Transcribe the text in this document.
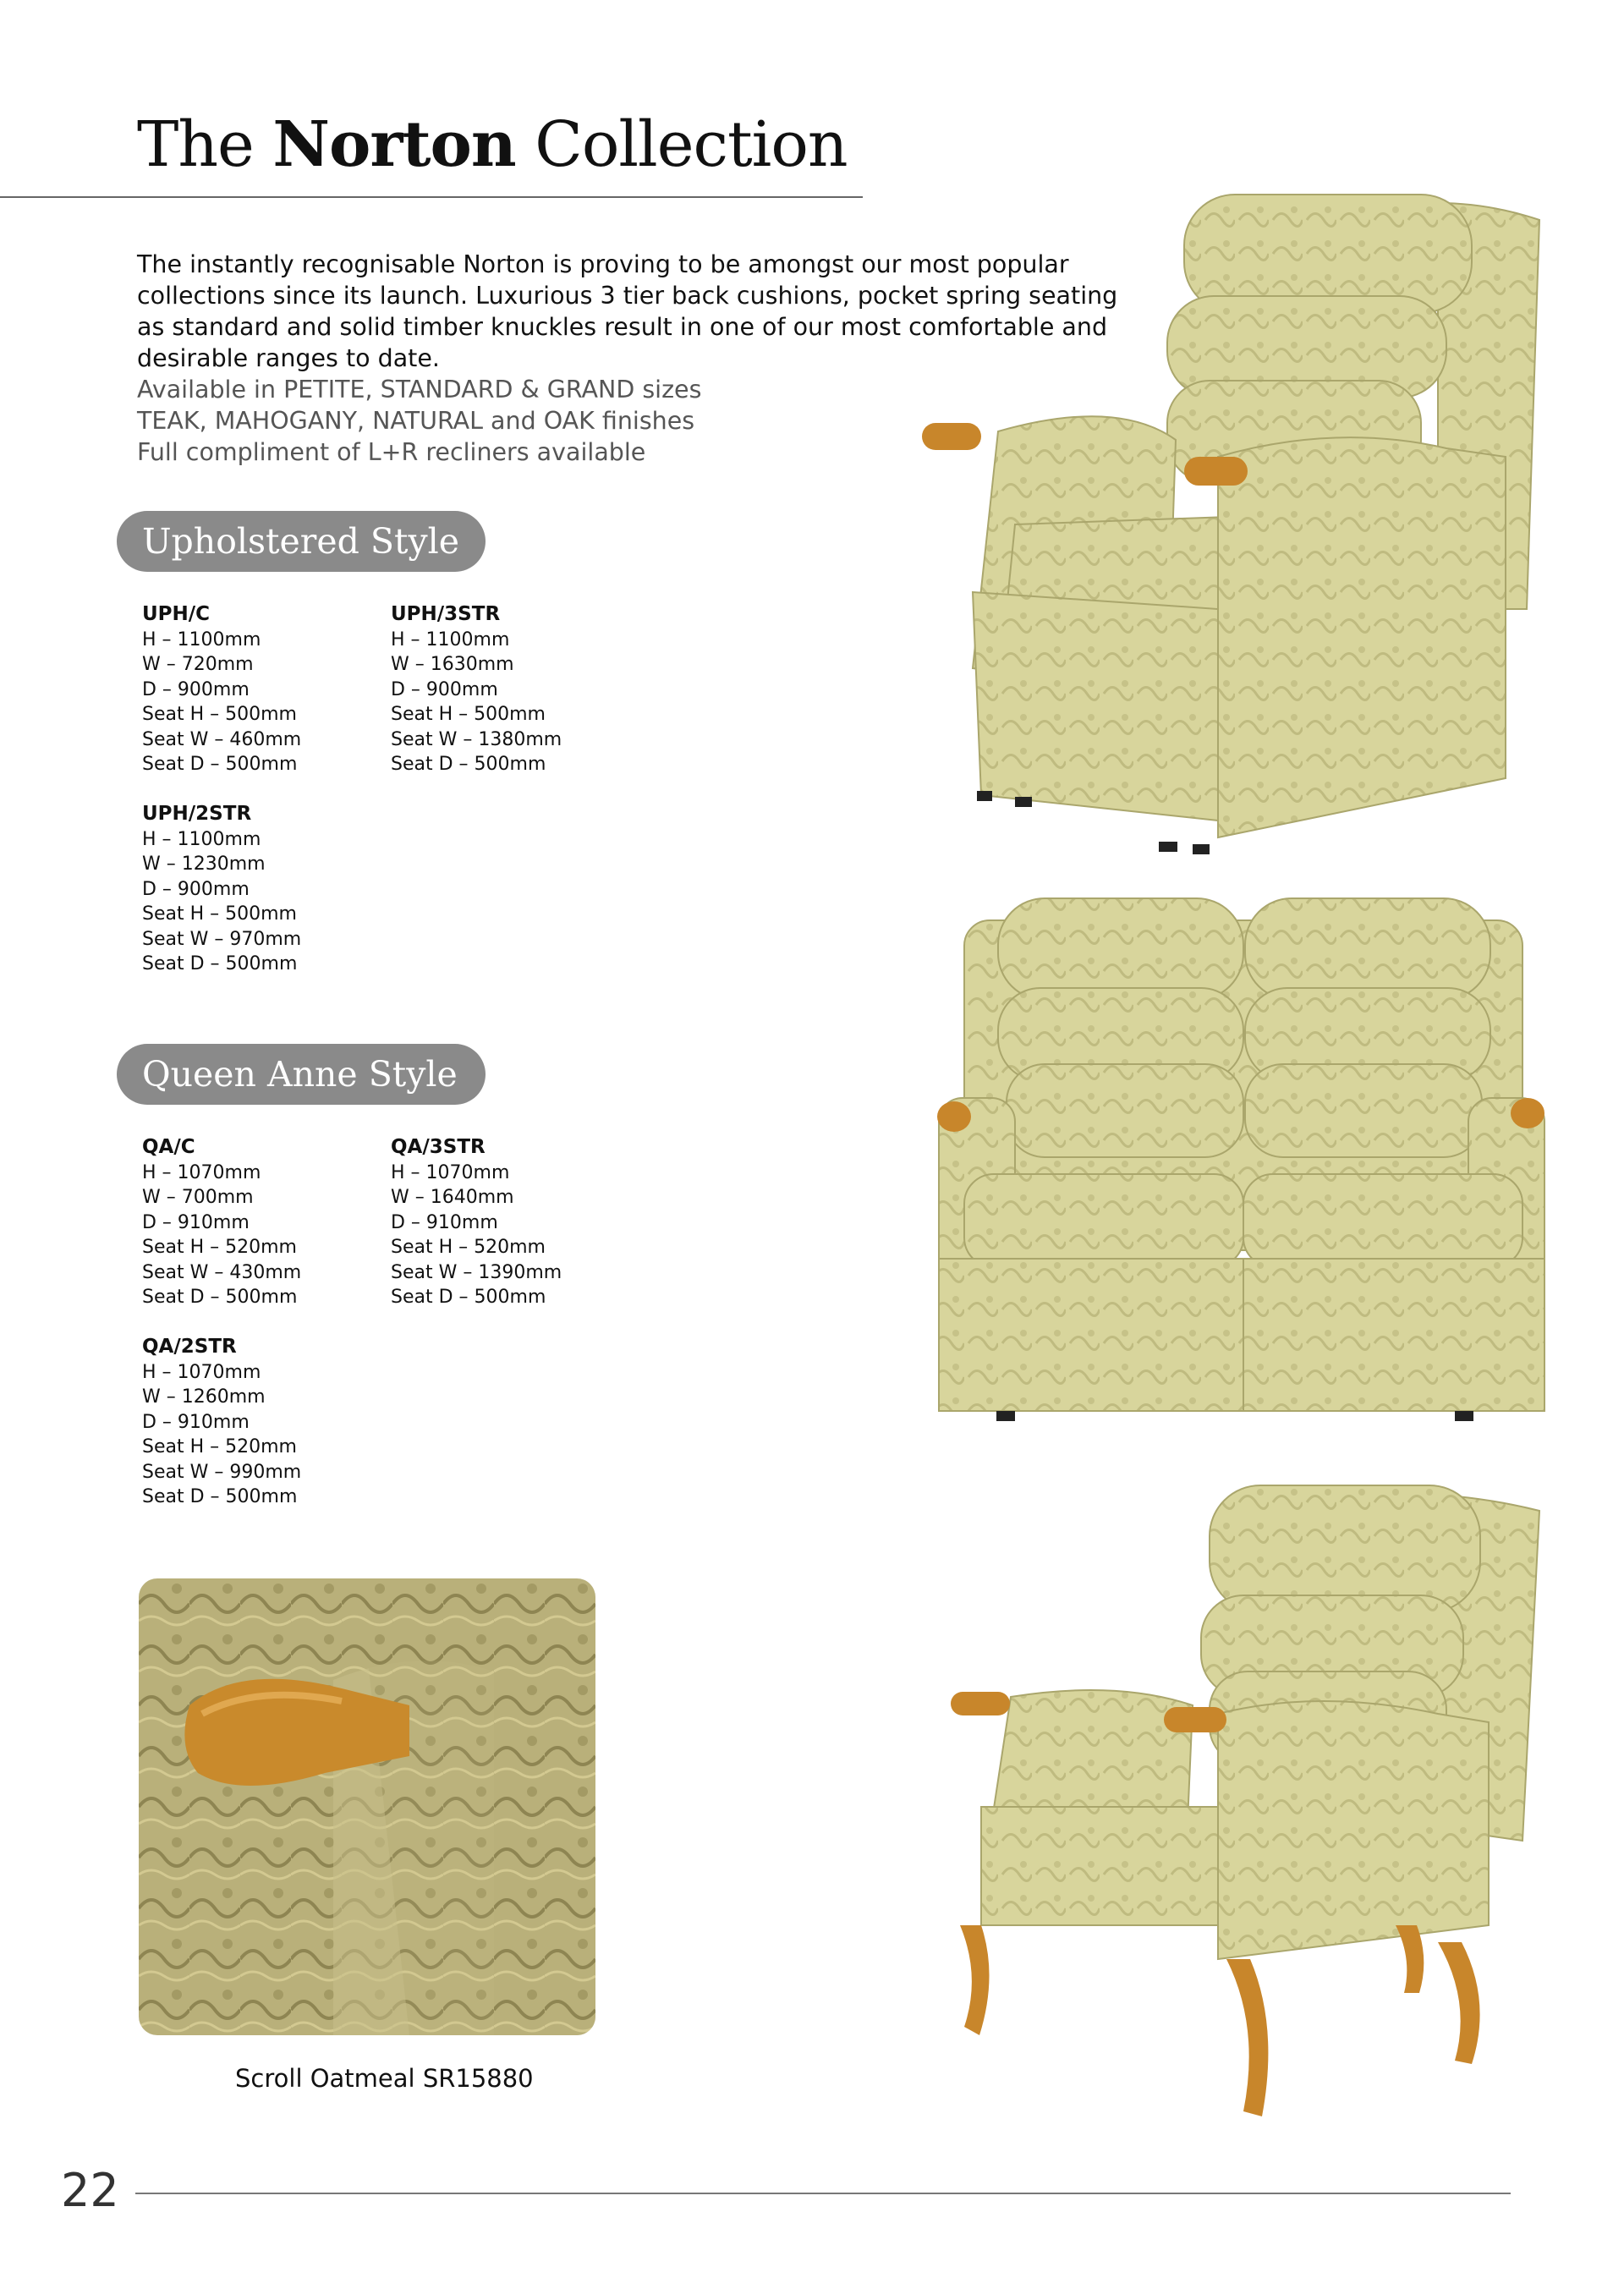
The Norton Collection
The instantly recognisable Norton is proving to be amongst our most popular collections since its launch. Luxurious 3 tier back cushions, pocket spring seating as standard and solid timber knuckles result in one of our most comfortable and desirable ranges to date.
Available in PETITE, STANDARD & GRAND sizes
TEAK, MAHOGANY, NATURAL and OAK finishes
Full compliment of L+R recliners available
Upholstered Style
UPH/C
H – 1100mm
W – 720mm
D – 900mm
Seat H – 500mm
Seat W – 460mm
Seat D – 500mm
UPH/3STR
H – 1100mm
W – 1630mm
D – 900mm
Seat H – 500mm
Seat W – 1380mm
Seat D – 500mm
UPH/2STR
H – 1100mm
W – 1230mm
D – 900mm
Seat H – 500mm
Seat W – 970mm
Seat D – 500mm
Queen Anne Style
QA/C
H – 1070mm
W – 700mm
D – 910mm
Seat H – 520mm
Seat W – 430mm
Seat D – 500mm
QA/3STR
H – 1070mm
W – 1640mm
D – 910mm
Seat H – 520mm
Seat W – 1390mm
Seat D – 500mm
QA/2STR
H – 1070mm
W – 1260mm
D – 910mm
Seat H – 520mm
Seat W – 990mm
Seat D – 500mm
Scroll Oatmeal SR15880
22
